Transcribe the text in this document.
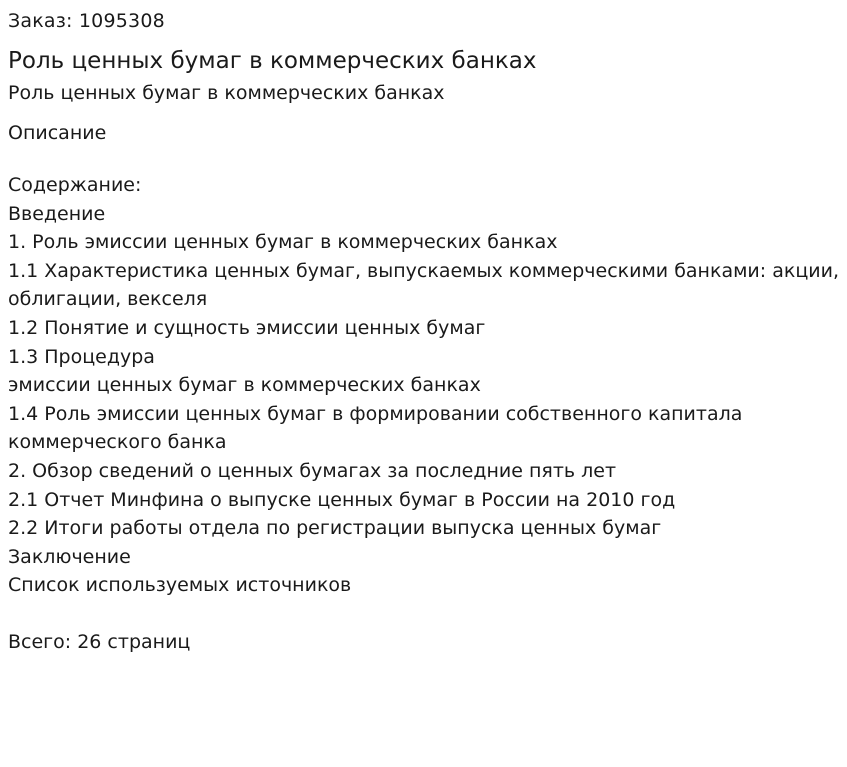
Заказ: 1095308
Роль ценных бумаг в коммерческих банках
Роль ценных бумаг в коммерческих банках
Описание
Содержание:
Введение
1. Роль эмиссии ценных бумаг в коммерческих банках
1.1 Характеристика ценных бумаг, выпускаемых коммерческими банками: акции, облигации, векселя
1.2 Понятие и сущность эмиссии ценных бумаг
1.3 Процедура
эмиссии ценных бумаг в коммерческих банках
1.4 Роль эмиссии ценных бумаг в формировании собственного капитала коммерческого банка
2. Обзор сведений о ценных бумагах за последние пять лет
2.1 Отчет Минфина о выпуске ценных бумаг в России на 2010 год
2.2 Итоги работы отдела по регистрации выпуска ценных бумаг
Заключение
Список используемых источников
Всего: 26 страниц
